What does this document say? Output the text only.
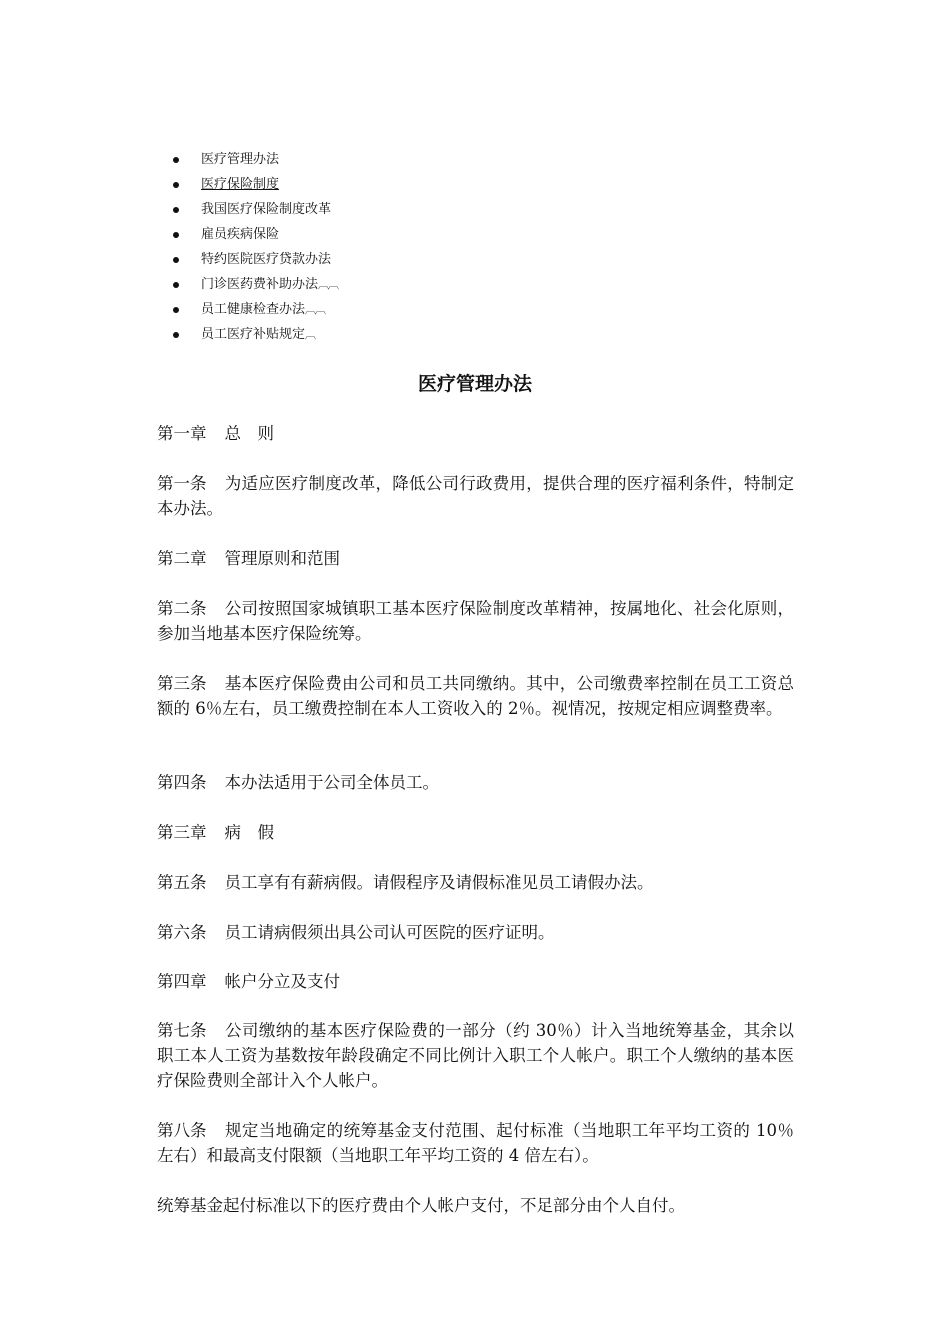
医疗管理办法
医疗保险制度
我国医疗保险制度改革
雇员疾病保险
特约医院医疗贷款办法
门诊医药费补助办法︹︹
员工健康检查办法︹︹
员工医疗补贴规定︹
医疗管理办法
第一章 总　则
第一条 为适应医疗制度改革，降低公司行政费用，提供合理的医疗福利条件，特制定本办法。
第二章 管理原则和范围
第二条 公司按照国家城镇职工基本医疗保险制度改革精神，按属地化、社会化原则，参加当地基本医疗保险统筹。
第三条 基本医疗保险费由公司和员工共同缴纳。其中，公司缴费率控制在员工工资总额的 6％左右，员工缴费控制在本人工资收入的 2％。视情况，按规定相应调整费率。
第四条 本办法适用于公司全体员工。
第三章 病　假
第五条 员工享有有薪病假。请假程序及请假标准见员工请假办法。
第六条 员工请病假须出具公司认可医院的医疗证明。
第四章 帐户分立及支付
第七条 公司缴纳的基本医疗保险费的一部分（约 30％）计入当地统筹基金，其余以职工本人工资为基数按年龄段确定不同比例计入职工个人帐户。职工个人缴纳的基本医疗保险费则全部计入个人帐户。
第八条 规定当地确定的统筹基金支付范围、起付标准（当地职工年平均工资的 10％左右）和最高支付限额（当地职工年平均工资的 4 倍左右）。
统筹基金起付标准以下的医疗费由个人帐户支付，不足部分由个人自付。
